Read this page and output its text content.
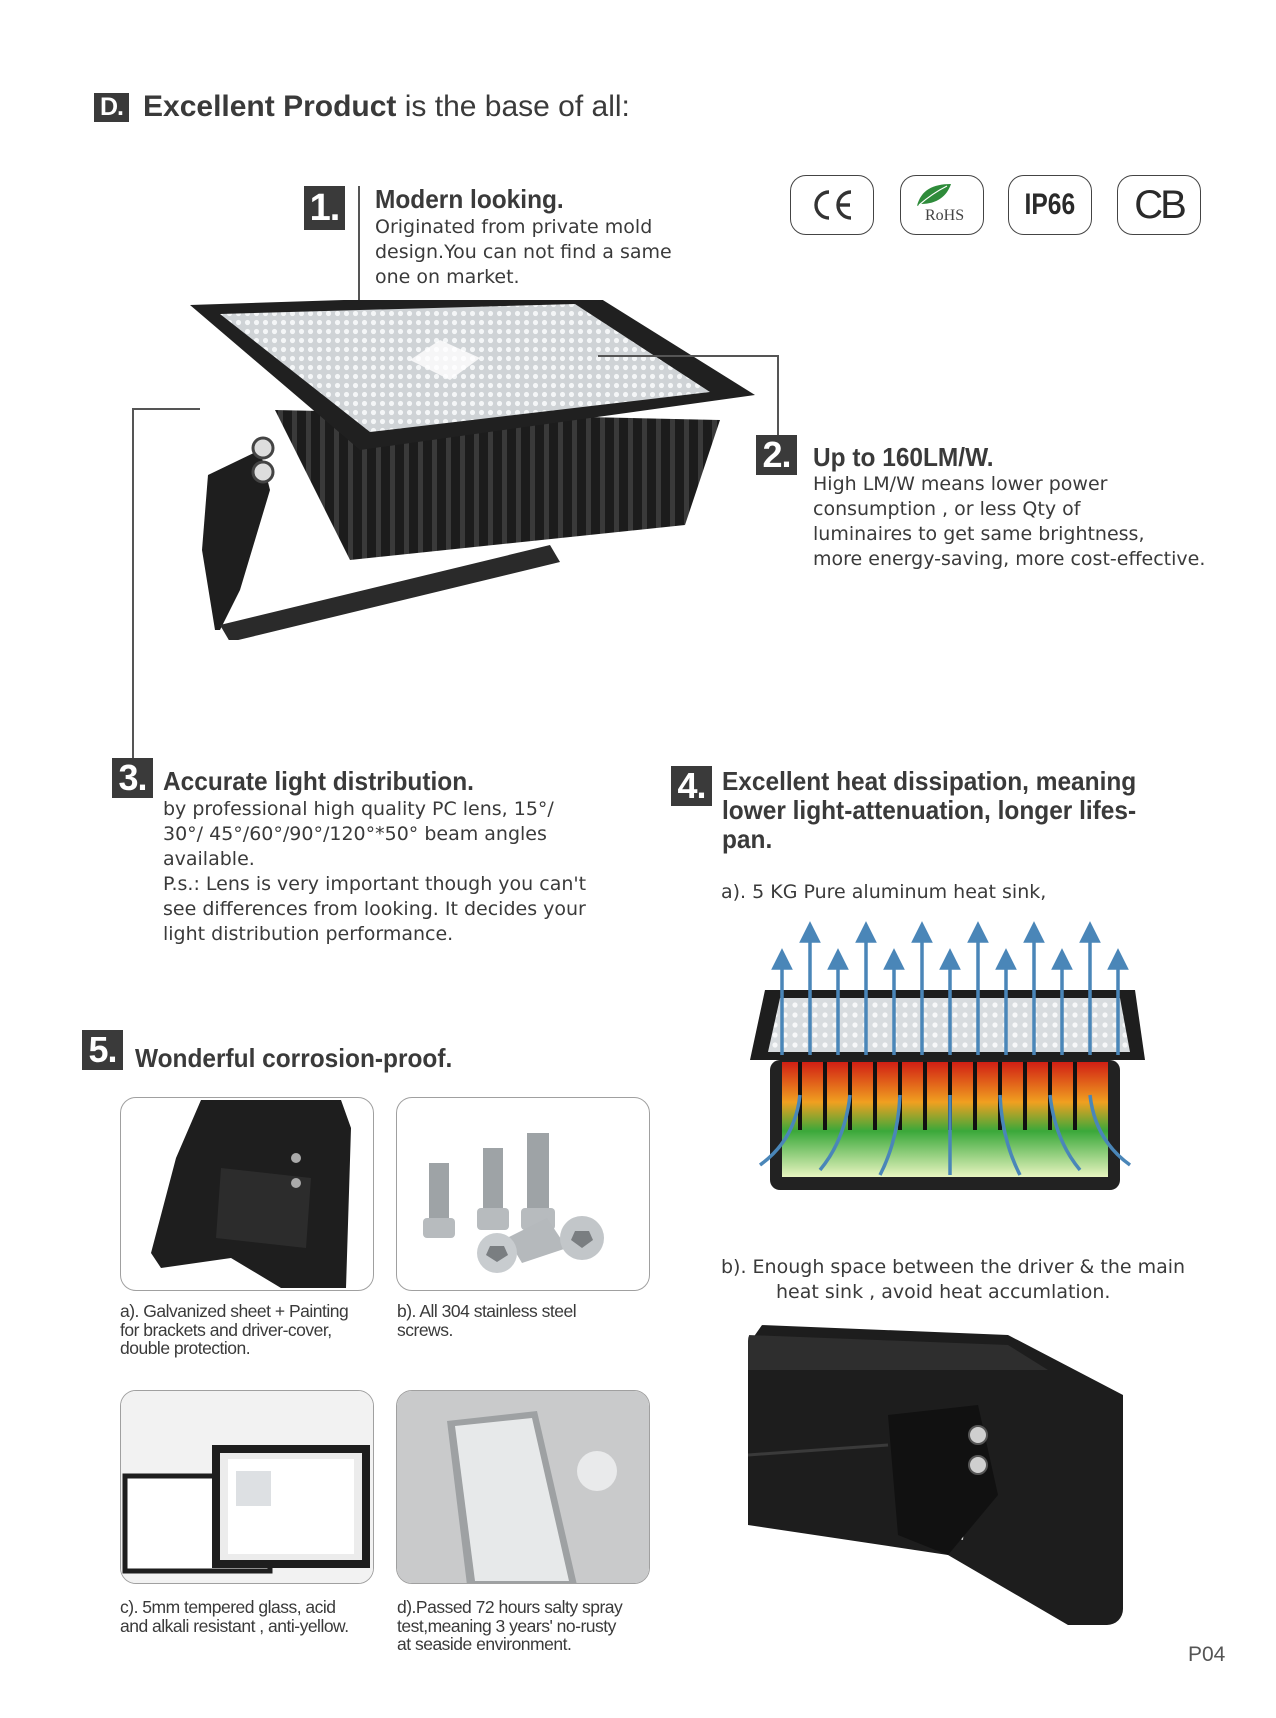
D. Excellent Product is the base of all:
RoHS IP66 CB
1. Modern looking.
Originated from private mold
design.You can not find a same
one on market.
2. Up to 160LM/W.
High LM/W means lower power
consumption , or less Qty of
luminaires to get same brightness,
more energy-saving, more cost-effective.
3. Accurate light distribution.
by professional high quality PC lens, 15°/
30°/ 45°/60°/90°/120°*50° beam angles
available.
P.s.: Lens is very important though you can't
see differences from looking. It decides your
light distribution performance.
4. Excellent heat dissipation, meaning
lower light-attenuation, longer lifes-
pan.
a). 5 KG Pure aluminum heat sink,
b). Enough space between the driver & the main
heat sink , avoid heat accumlation.
5. Wonderful corrosion-proof.
a). Galvanized sheet + Painting
for brackets and driver-cover,
double protection.
b). All 304 stainless steel
screws.
c). 5mm tempered glass, acid
and alkali resistant , anti-yellow.
d).Passed 72 hours salty spray
test,meaning 3 years' no-rusty
at seaside environment.	P04
